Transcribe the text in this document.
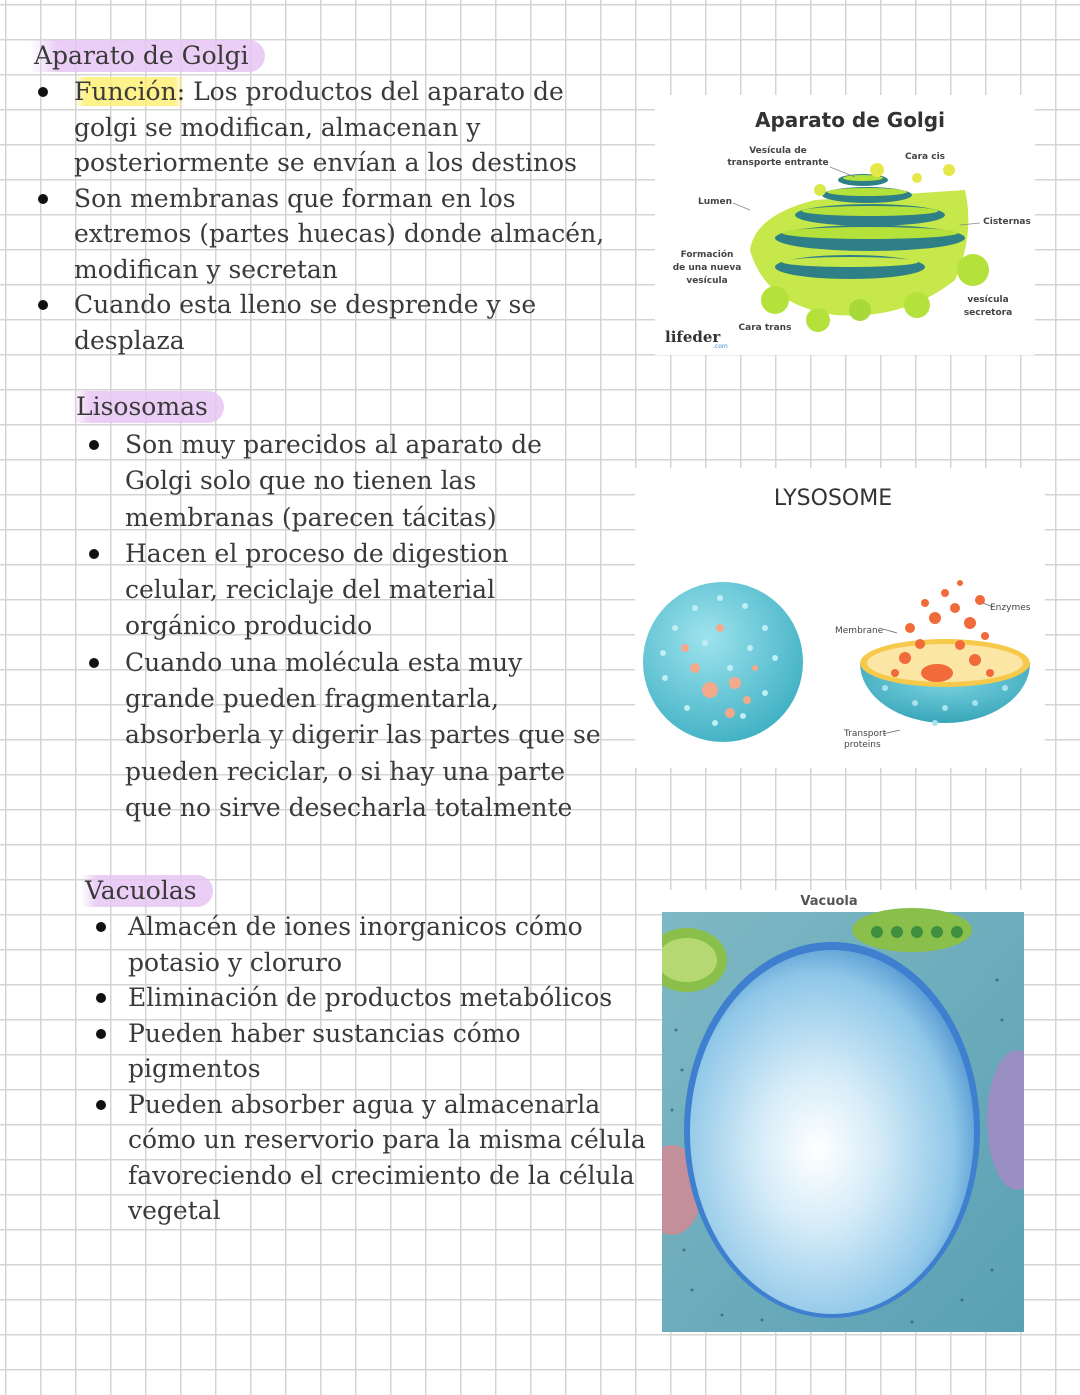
Aparato de Golgi
Función: Los productos del aparato de golgi se modifican, almacenan y posteriormente se envían a los destinos
Son membranas que forman en los extremos (partes huecas) donde almacén, modifican y secretan
Cuando esta lleno se desprende y se desplaza
Aparato de Golgi
Vesícula de
transporte entrante
Cara cis
Lumen
Cisternas
Formación
de una nueva
vesícula
vesícula
secretora
Cara trans
lifeder
.com
Lisosomas
Son muy parecidos al aparato de Golgi solo que no tienen las membranas (parecen tácitas)
Hacen el proceso de digestion celular, reciclaje del material orgánico producido
Cuando una molécula esta muy grande pueden fragmentarla, absorberla y digerir las partes que se pueden reciclar, o si hay una parte que no sirve desecharla totalmente
LYSOSOME
Enzymes
Membrane
Transport
proteins
Vacuolas
Almacén de iones inorganicos cómo potasio y cloruro
Eliminación de productos metabólicos
Pueden haber sustancias cómo pigmentos
Pueden absorber agua y almacenarla cómo un reservorio para la misma célula favoreciendo el crecimiento de la célula vegetal
Vacuola
